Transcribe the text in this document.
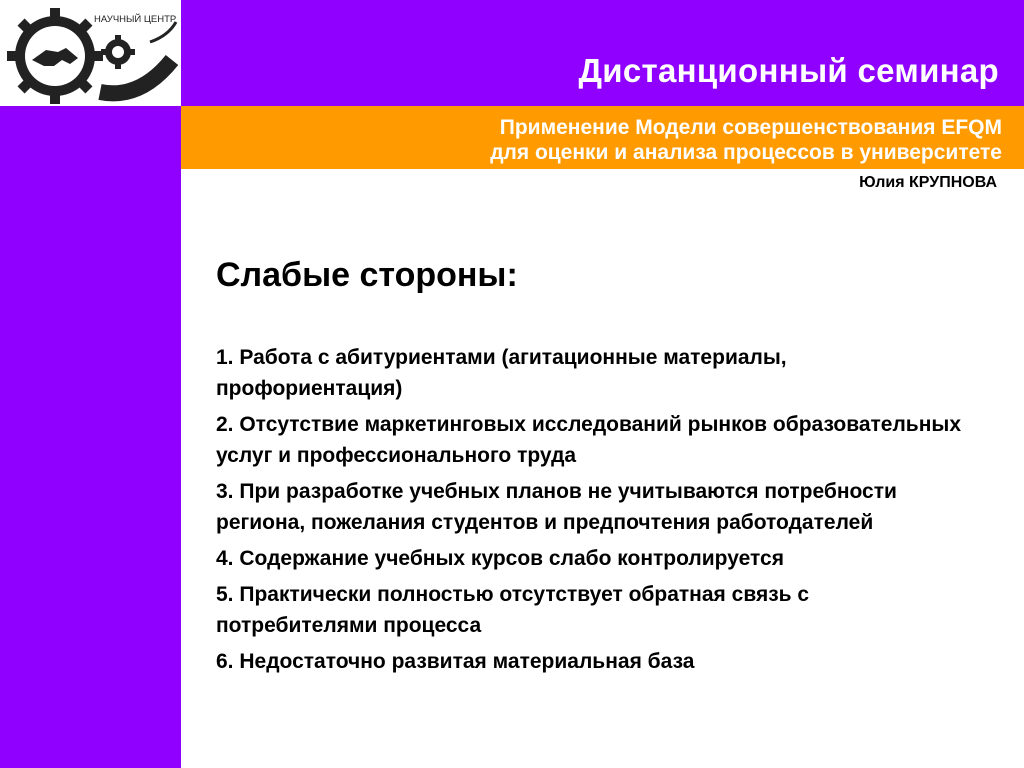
НАУЧНЫЙ ЦЕНТР
Дистанционный семинар
Применение Модели совершенствования EFQM
для оценки и анализа процессов в университете
Юлия КРУПНОВА
Слабые стороны:
1. Работа с абитуриентами (агитационные материалы, профориентация)
2. Отсутствие маркетинговых исследований рынков образовательных услуг и профессионального труда
3. При разработке учебных планов не учитываются потребности региона, пожелания студентов и предпочтения работодателей
4. Содержание учебных курсов слабо контролируется
5. Практически полностью отсутствует обратная связь с потребителями процесса
6. Недостаточно развитая материальная база
